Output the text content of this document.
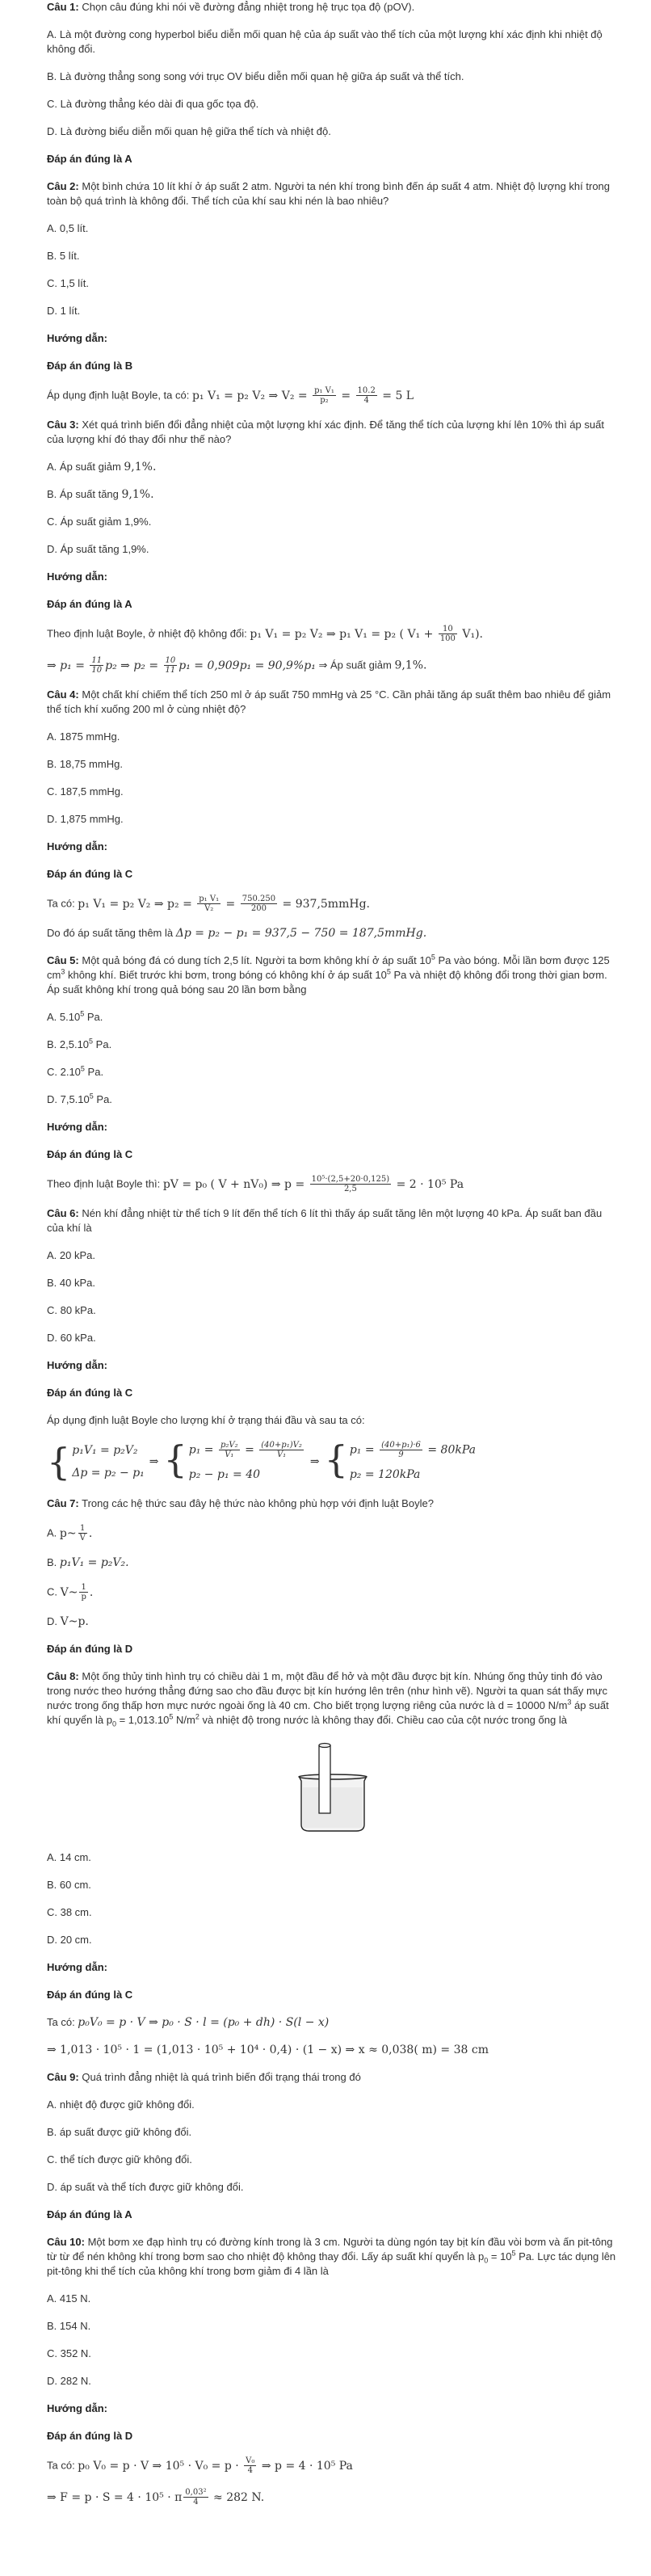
Câu 1: Chọn câu đúng khi nói về đường đẳng nhiệt trong hệ trục tọa độ (pOV).

A. Là một đường cong hyperbol biểu diễn mối quan hệ của áp suất vào thể tích của một lượng khí xác định khi nhiệt độ không đổi.

B. Là đường thẳng song song với trục OV biểu diễn mối quan hệ giữa áp suất và thể tích.

C. Là đường thẳng kéo dài đi qua gốc tọa độ.

D. Là đường biểu diễn mối quan hệ giữa thể tích và nhiệt độ.

Đáp án đúng là A

Câu 2: Một bình chứa 10 lít khí ở áp suất 2 atm. Người ta nén khí trong bình đến áp suất 4 atm. Nhiệt độ lượng khí trong toàn bộ quá trình là không đổi. Thể tích của khí sau khi nén là bao nhiêu?

A. 0,5 lít.

B. 5 lít.

C. 1,5 lít.

D. 1 lít.

Hướng dẫn:

Đáp án đúng là B

Áp dụng định luật Boyle, ta có: p₁ V₁ = p₂ V₂ ⇒ $V_2 = \frac{\text{p₁ V₁}}{\text{p₂}} = \frac{10.2}{4} = 5$ L

Câu 3: Xét quá trình biến đổi đẳng nhiệt của một lượng khí xác định. Để tăng thể tích của lượng khí lên 10% thì áp suất của lượng khí đó thay đổi như thế nào?

A. Áp suất giảm 9,1%.

B. Áp suất tăng 9,1%.

C. Áp suất giảm 1,9%.

D. Áp suất tăng 1,9%.

Hướng dẫn:

Đáp án đúng là A

Theo định luật Boyle, ở nhiệt độ không đổi: p₁ V₁ = p₂ V₂ ⇒ p₁ V₁ = p₂ ( $V_1 + \frac{10}{100} V_1$).

⇒ $p_1 = \frac{11}{10} p_2$ ⇒ $p_2 = \frac{10}{11} p_1 = 0,909p_1 = 90,9\%p_1$ ⇒ Áp suất giảm 9,1%.

Câu 4: Một chất khí chiếm thể tích 250 ml ở áp suất 750 mmHg và 25 °C. Cần phải tăng áp suất thêm bao nhiêu để giảm thể tích khí xuống 200 ml ở cùng nhiệt độ?

A. 1875 mmHg.

B. 18,75 mmHg.

C. 187,5 mmHg.

D. 1,875 mmHg.

Hướng dẫn:

Đáp án đúng là C

Ta có: p₁ V₁ = p₂ V₂ ⇒ $p_2 = \frac{\text{p₁ V₁}}{\text{V₂}} = \frac{750.250}{200}$ = 937,5mmHg.

Do đó áp suất tăng thêm là Δp = p₂ − p₁ = 937,5 − 750 = 187,5mmHg.

Câu 5: Một quả bóng đá có dung tích 2,5 lít. Người ta bơm không khí ở áp suất $10^5$ Pa vào bóng. Mỗi lần bơm được 125 $cm^3$ không khí. Biết trước khi bơm, trong bóng có không khí ở áp suất $10^5$ Pa và nhiệt độ không đổi trong thời gian bơm. Áp suất không khí trong quả bóng sau 20 lần bơm bằng

A. 5.10$^5$ Pa.

B. 2,5.10$^5$ Pa.

C. 2.10$^5$ Pa.

D. 7,5.10$^5$ Pa.

Hướng dẫn:

Đáp án đúng là C

Theo định luật Boyle thì: pV = p₀ ( V + nV₀) ⇒ $p = \frac{\text{10⁵·(2,5+20·0,125)}}{2,5} = 2 \cdot 10^5$ Pa

Câu 6: Nén khí đẳng nhiệt từ thể tích 9 lít đến thể tích 6 lít thì thấy áp suất tăng lên một lượng 40 kPa. Áp suất ban đầu của khí là

A. 20 kPa.

B. 40 kPa.

C. 80 kPa.

D. 60 kPa.

Hướng dẫn:

Đáp án đúng là C

Áp dụng định luật Boyle cho lượng khí ở trạng thái đầu và sau ta có:

{ p₁V₁ = p₂V₂
Δp = p₂ − p₁
⇒ { $p_1 = \frac{\text{p₂V₂}}{\text{V₁}} = \frac{\text{(40+p₁)V₂}}{\text{V₁}}$
p₂ − p₁ = 40
⇒ { $p_1 = \frac{\text{(40+p₁)·6}}{9} = 80kPa$
p₂ = 120kPa

Câu 7: Trong các hệ thức sau đây hệ thức nào không phù hợp với định luật Boyle?

A. p~ $\frac{1}{V}$ .

B. p₁V₁ = p₂V₂.

C. V~ $\frac{1}{p}$ .

D. V~p.

Đáp án đúng là D

Câu 8: Một ống thủy tinh hình trụ có chiều dài 1 m, một đầu để hở và một đầu được bịt kín. Nhúng ống thủy tinh đó vào trong nước theo hướng thẳng đứng sao cho đầu được bịt kín hướng lên trên (như hình vẽ). Người ta quan sát thấy mực nước trong ống thấp hơn mực nước ngoài ống là 40 cm. Cho biết trọng lượng riêng của nước là d = 10000 $N/m^3$ áp suất khí quyển là $p_0 = 1,013.10^5$ $N/m^2$ và nhiệt độ trong nước là không thay đổi. Chiều cao của cột nước trong ống là

A. 14 cm.

B. 60 cm.

C. 38 cm.

D. 20 cm.

Hướng dẫn:

Đáp án đúng là C

Ta có: p₀V₀ = p · V ⇒ p₀ · S · l = (p₀ + dh) · S(l − x)

⇒ 1,013 · 10⁵ · 1 = (1,013 · 10⁵ + 10⁴ · 0,4) · (1 − x) ⇒ x ≈ 0,038( m) = 38 cm

Câu 9: Quá trình đẳng nhiệt là quá trình biến đổi trạng thái trong đó

A. nhiệt độ được giữ không đổi.

B. áp suất được giữ không đổi.

C. thể tích được giữ không đổi.

D. áp suất và thể tích được giữ không đổi.

Đáp án đúng là A

Câu 10: Một bơm xe đạp hình trụ có đường kính trong là 3 cm. Người ta dùng ngón tay bịt kín đầu vòi bơm và ấn pit-tông từ từ để nén không khí trong bơm sao cho nhiệt độ không thay đổi. Lấy áp suất khí quyển là $p_0 = 10^5$ Pa. Lực tác dụng lên pit-tông khi thể tích của không khí trong bơm giảm đi 4 lần là

A. 415 N.

B. 154 N.

C. 352 N.

D. 282 N.

Hướng dẫn:

Đáp án đúng là D

Ta có: p₀ V₀ = p · V ⇒ $10^5 \cdot V_0 = p \cdot \frac{\text{V₀}}{4}$ ⇒ p = 4 · 10⁵ Pa

⇒ F = p · S = 4 · 10⁵ · π $\frac{\text{0,03²}}{4} \approx 282$ N.
